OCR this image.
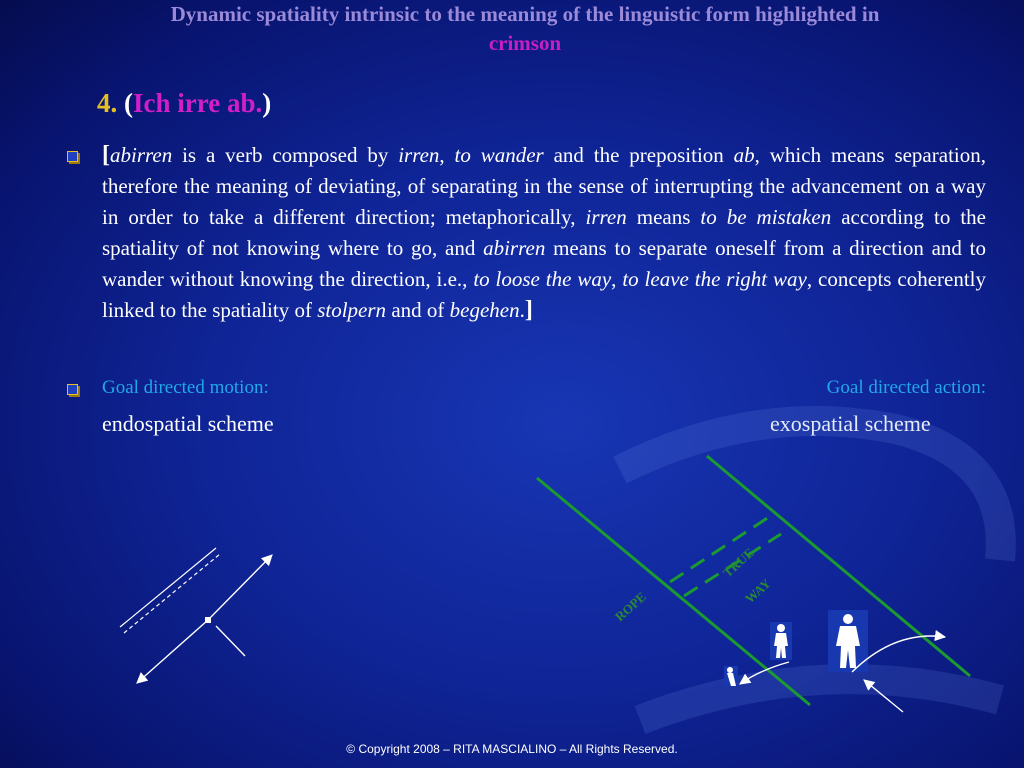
Dynamic spatiality intrinsic to the meaning of the linguistic form highlighted in
crimson
4. (Ich irre ab.)
[abirren is a verb composed by irren, to wander and the preposition ab, which means separation, therefore the meaning of deviating, of separating in the sense of interrupting the advancement on a way in order to take a different direction; metaphorically, irren means to be mistaken according to the spatiality of not knowing where to go, and abirren means to separate oneself from a direction and to wander without knowing the direction, i.e., to loose the way, to leave the right way, concepts coherently linked to the spatiality of stolpern and of begehen.]
Goal directed motion:	Goal directed action:
endospatial scheme	exospatial scheme
ROPE
TRUE
WAY
© Copyright 2008 – RITA MASCIALINO – All Rights Reserved.
